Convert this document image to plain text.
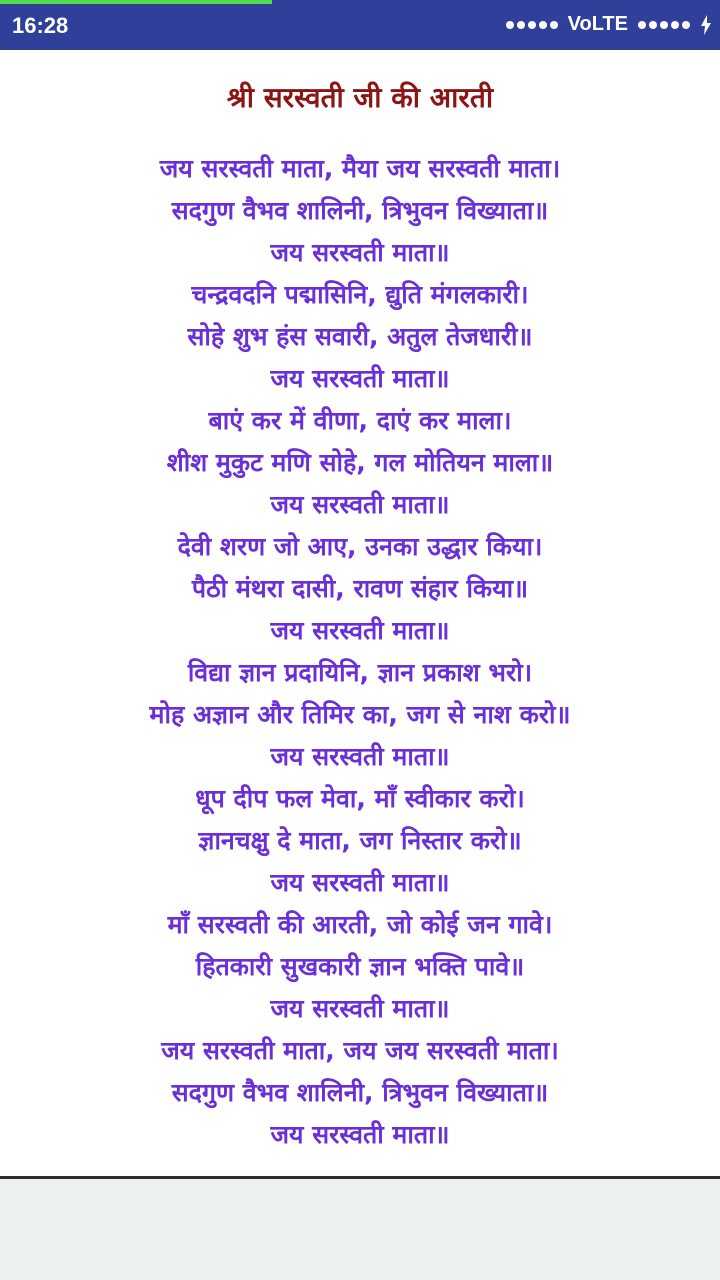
16:28	VoLTE
श्री सरस्वती जी की आरती
जय सरस्वती माता, मैया जय सरस्वती माता।
सदगुण वैभव शालिनी, त्रिभुवन विख्याता॥
जय सरस्वती माता॥
चन्द्रवदनि पद्मासिनि, द्युति मंगलकारी।
सोहे शुभ हंस सवारी, अतुल तेजधारी॥
जय सरस्वती माता॥
बाएं कर में वीणा, दाएं कर माला।
शीश मुकुट मणि सोहे, गल मोतियन माला॥
जय सरस्वती माता॥
देवी शरण जो आए, उनका उद्धार किया।
पैठी मंथरा दासी, रावण संहार किया॥
जय सरस्वती माता॥
विद्या ज्ञान प्रदायिनि, ज्ञान प्रकाश भरो।
मोह अज्ञान और तिमिर का, जग से नाश करो॥
जय सरस्वती माता॥
धूप दीप फल मेवा, माँ स्वीकार करो।
ज्ञानचक्षु दे माता, जग निस्तार करो॥
जय सरस्वती माता॥
माँ सरस्वती की आरती, जो कोई जन गावे।
हितकारी सुखकारी ज्ञान भक्ति पावे॥
जय सरस्वती माता॥
जय सरस्वती माता, जय जय सरस्वती माता।
सदगुण वैभव शालिनी, त्रिभुवन विख्याता॥
जय सरस्वती माता॥
